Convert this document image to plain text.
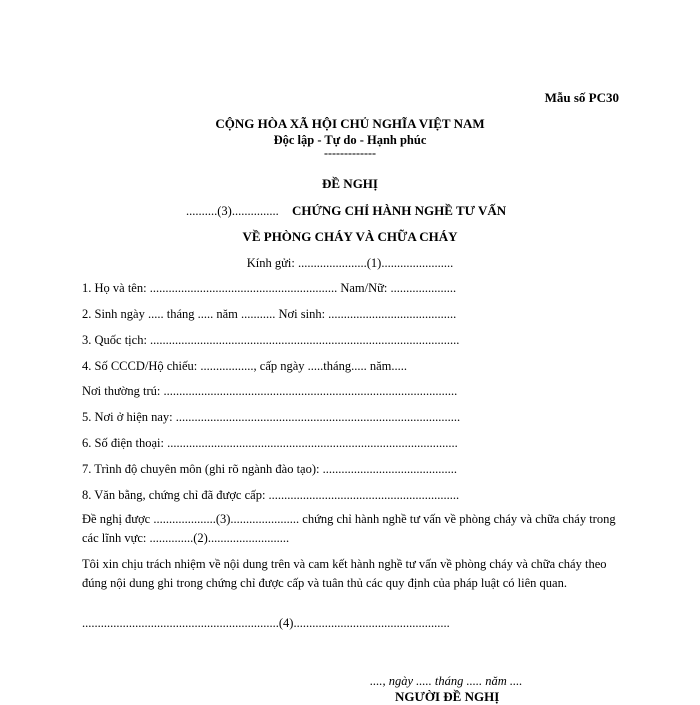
Mẫu số PC30
CỘNG HÒA XÃ HỘI CHỦ NGHĨA VIỆT NAM
Độc lập - Tự do - Hạnh phúc
-------------
ĐỀ NGHỊ
..........(3)............... CHỨNG CHỈ HÀNH NGHỀ TƯ VẤN
VỀ PHÒNG CHÁY VÀ CHỮA CHÁY
Kính gửi: ......................(1).......................
1. Họ và tên: ............................................................ Nam/Nữ: .....................
2. Sinh ngày ..... tháng ..... năm ........... Nơi sinh: .........................................
3. Quốc tịch: ...................................................................................................
4. Số CCCD/Hộ chiếu: ................., cấp ngày .....tháng..... năm.....
Nơi thường trú: ..............................................................................................
5. Nơi ở hiện nay: ...........................................................................................
6. Số điện thoại: .............................................................................................
7. Trình độ chuyên môn (ghi rõ ngành đào tạo): ...........................................
8. Văn bằng, chứng chỉ đã được cấp: .............................................................
Đề nghị được ....................(3)...................... chứng chỉ hành nghề tư vấn về phòng cháy và chữa cháy trong các lĩnh vực: ..............(2)..........................
Tôi xin chịu trách nhiệm về nội dung trên và cam kết hành nghề tư vấn về phòng cháy và chữa cháy theo đúng nội dung ghi trong chứng chỉ được cấp và tuân thủ các quy định của pháp luật có liên quan.
...............................................................(4)..................................................
...., ngày ..... tháng ..... năm ....
NGƯỜI ĐỀ NGHỊ
